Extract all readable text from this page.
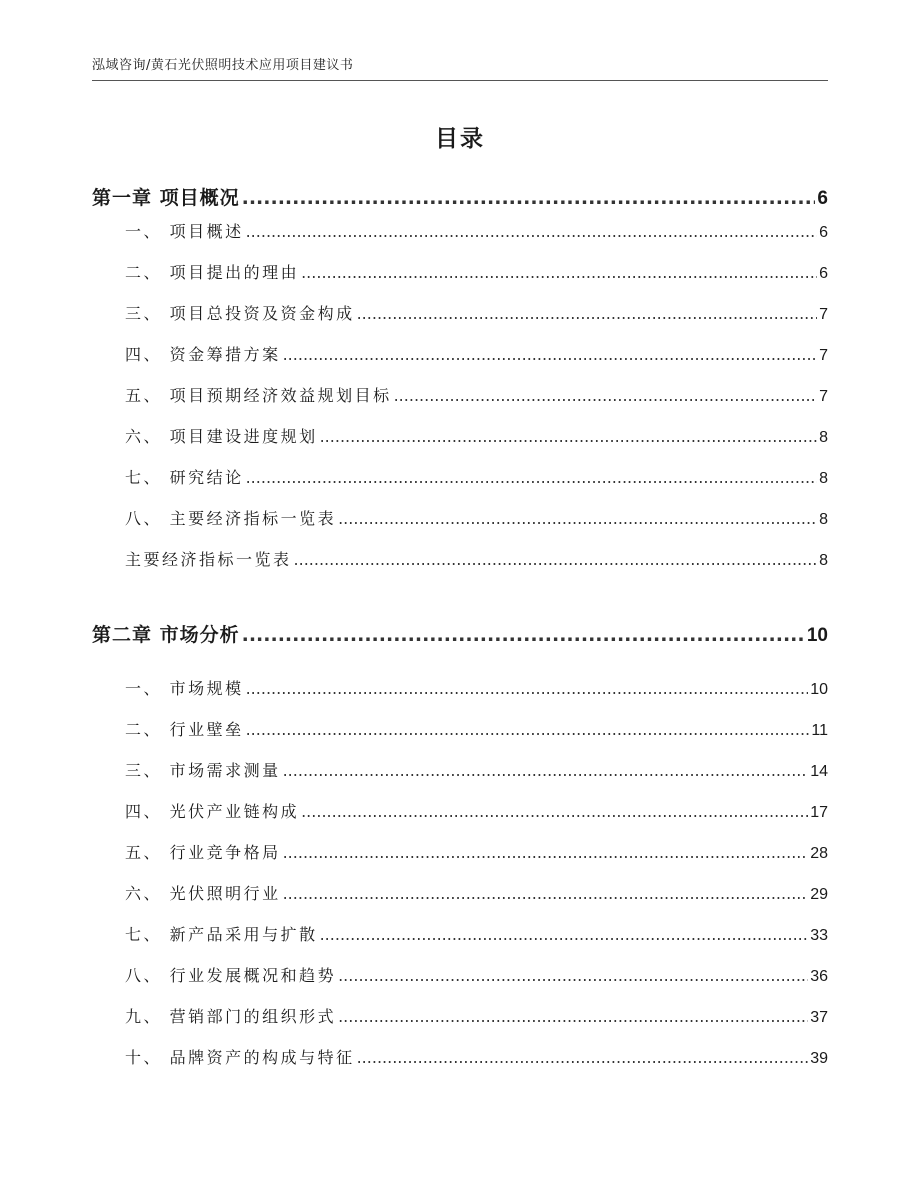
泓域咨询/黄石光伏照明技术应用项目建议书
目录
第一章 项目概况 .....	6
一、 项目概述 .....	6
二、 项目提出的理由 .....	6
三、 项目总投资及资金构成 .....	7
四、 资金筹措方案 .....	7
五、 项目预期经济效益规划目标 .....	7
六、 项目建设进度规划 .....	8
七、 研究结论 .....	8
八、 主要经济指标一览表 .....	8
主要经济指标一览表 .....	8
第二章 市场分析 .....	10
一、 市场规模 .....	10
二、 行业壁垒 .....	11
三、 市场需求测量 .....	14
四、 光伏产业链构成 .....	17
五、 行业竞争格局 .....	28
六、 光伏照明行业 .....	29
七、 新产品采用与扩散 .....	33
八、 行业发展概况和趋势 .....	36
九、 营销部门的组织形式 .....	37
十、 品牌资产的构成与特征 .....	39
